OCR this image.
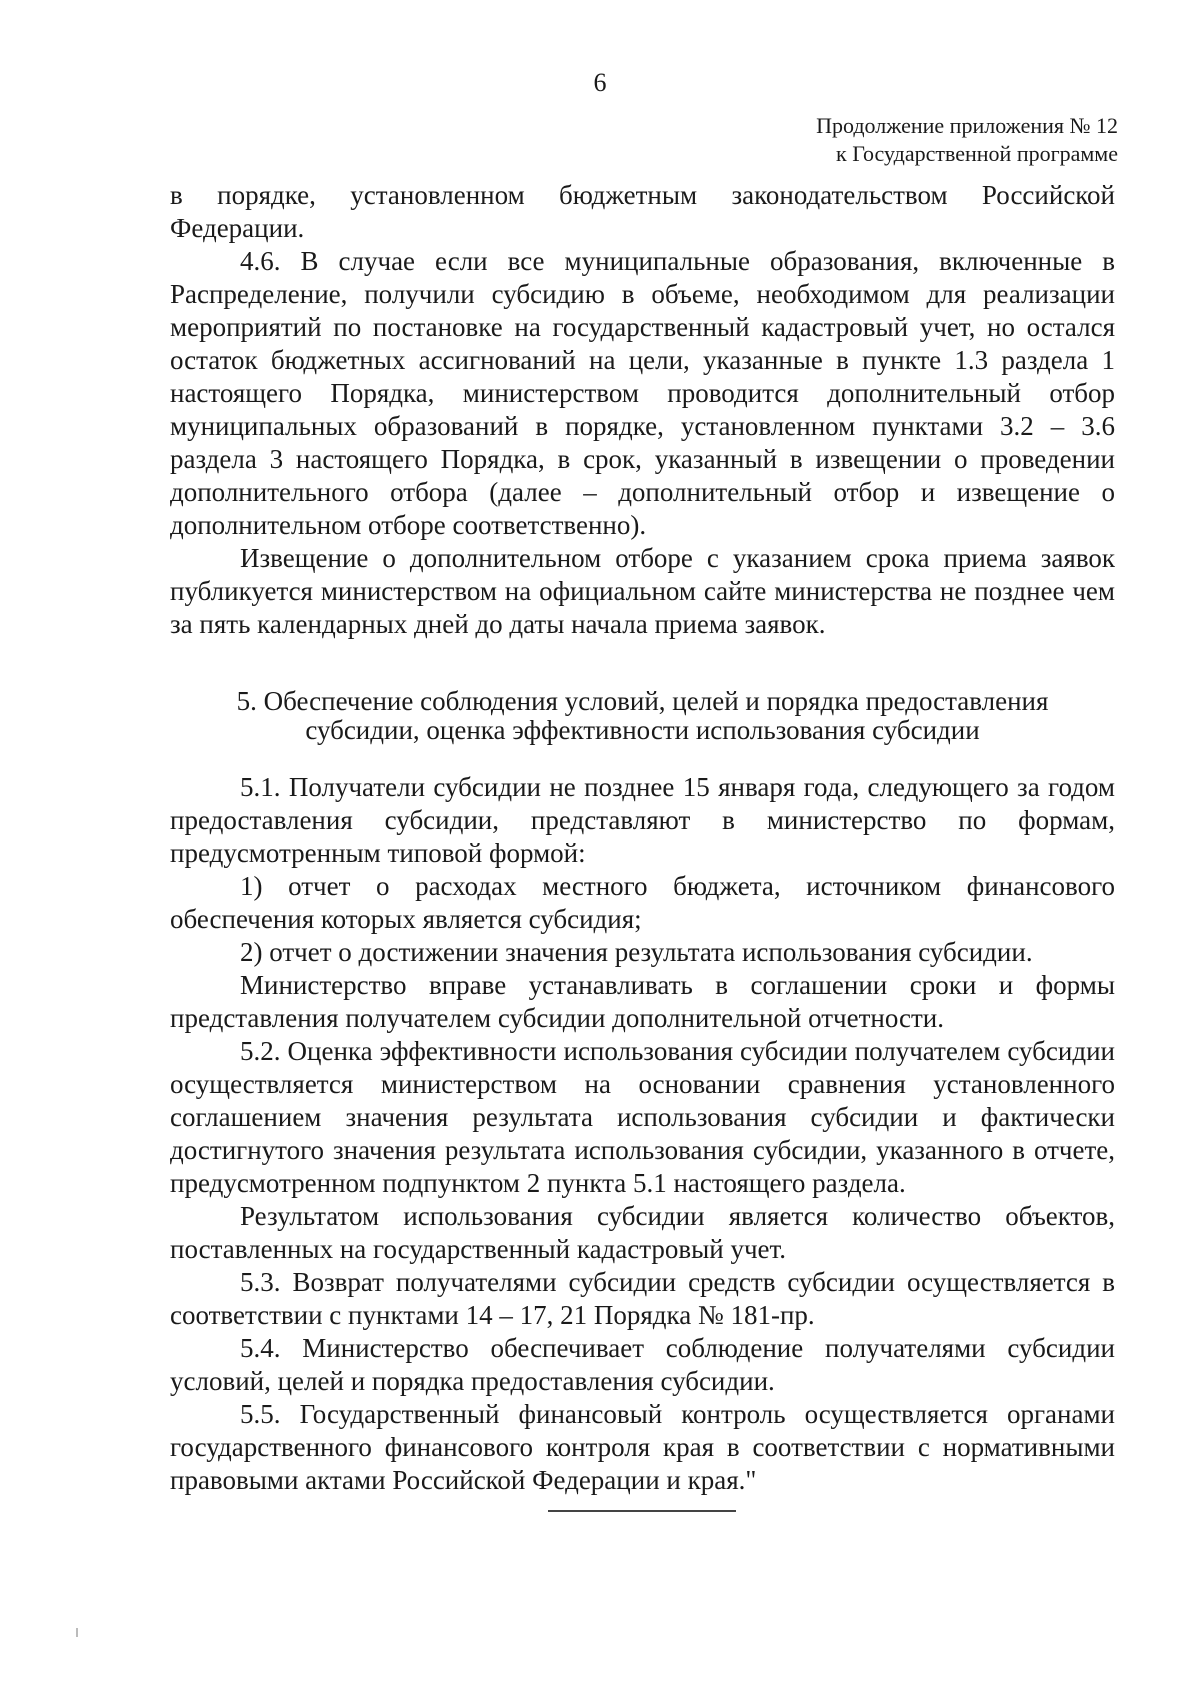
6
Продолжение приложения № 12
к Государственной программе

в порядке, установленном бюджетным законодательством Российской Федерации.

4.6. В случае если все муниципальные образования, включенные в Распределение, получили субсидию в объеме, необходимом для реализации мероприятий по постановке на государственный кадастровый учет, но остался остаток бюджетных ассигнований на цели, указанные в пункте 1.3 раздела 1 настоящего Порядка, министерством проводится дополнительный отбор муниципальных образований в порядке, установленном пунктами 3.2 – 3.6 раздела 3 настоящего Порядка, в срок, указанный в извещении о проведении дополнительного отбора (далее – дополнительный отбор и извещение о дополнительном отборе соответственно).

Извещение о дополнительном отборе с указанием срока приема заявок публикуется министерством на официальном сайте министерства не позднее чем за пять календарных дней до даты начала приема заявок.

5. Обеспечение соблюдения условий, целей и порядка предоставления
субсидии, оценка эффективности использования субсидии

5.1. Получатели субсидии не позднее 15 января года, следующего за годом предоставления субсидии, представляют в министерство по формам, предусмотренным типовой формой:

1) отчет о расходах местного бюджета, источником финансового обеспечения которых является субсидия;

2) отчет о достижении значения результата использования субсидии.

Министерство вправе устанавливать в соглашении сроки и формы представления получателем субсидии дополнительной отчетности.

5.2. Оценка эффективности использования субсидии получателем субсидии осуществляется министерством на основании сравнения установленного соглашением значения результата использования субсидии и фактически достигнутого значения результата использования субсидии, указанного в отчете, предусмотренном подпунктом 2 пункта 5.1 настоящего раздела.

Результатом использования субсидии является количество объектов, поставленных на государственный кадастровый учет.

5.3. Возврат получателями субсидии средств субсидии осуществляется в соответствии с пунктами 14 – 17, 21 Порядка № 181-пр.

5.4. Министерство обеспечивает соблюдение получателями субсидии условий, целей и порядка предоставления субсидии.

5.5. Государственный финансовый контроль осуществляется органами государственного финансового контроля края в соответствии с нормативными правовыми актами Российской Федерации и края."
